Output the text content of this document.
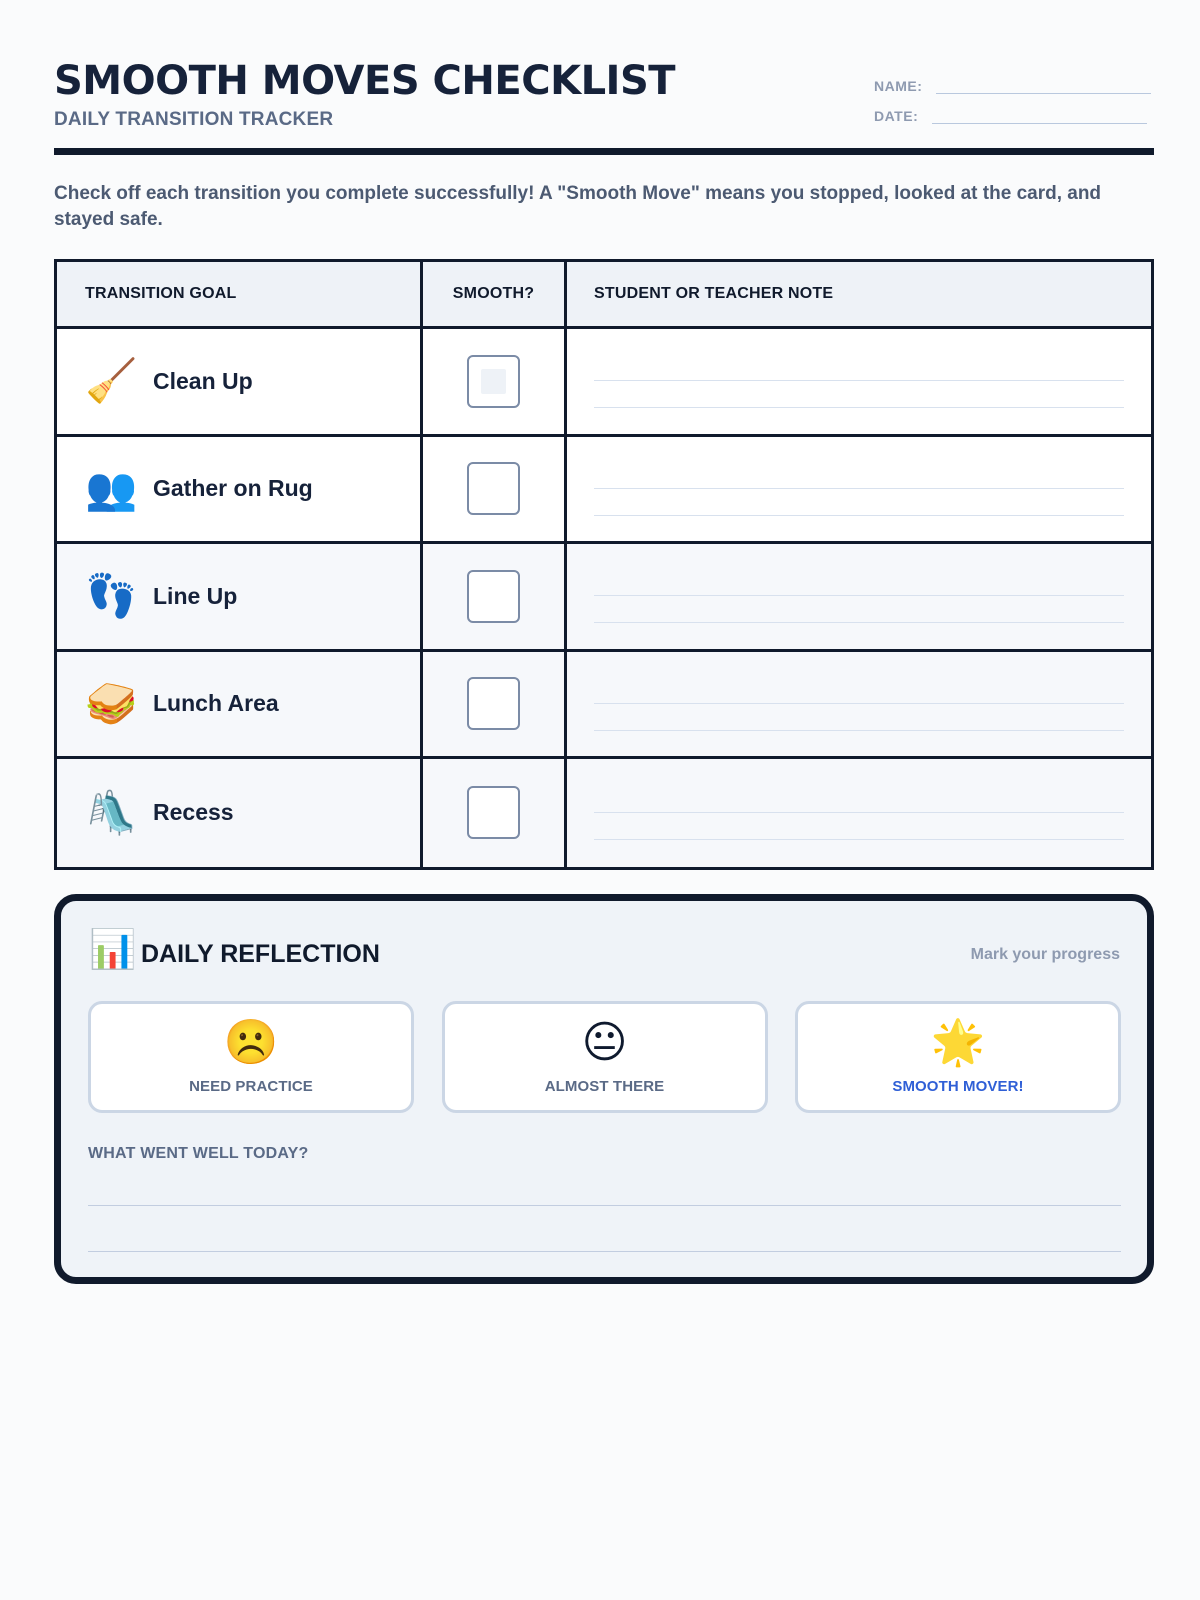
SMOOTH MOVES CHECKLIST
DAILY TRANSITION TRACKER
NAME:
DATE:
Check off each transition you complete successfully! A "Smooth Move" means you stopped, looked at the card, and stayed safe.
TRANSITION GOAL	SMOOTH?	STUDENT OR TEACHER NOTE
🧹 Clean Up
👥 Gather on Rug
👣 Line Up
🥪 Lunch Area
🛝 Recess
📊 DAILY REFLECTION	Mark your progress
☹️
NEED PRACTICE
😐
ALMOST THERE
🌟
SMOOTH MOVER!
WHAT WENT WELL TODAY?
